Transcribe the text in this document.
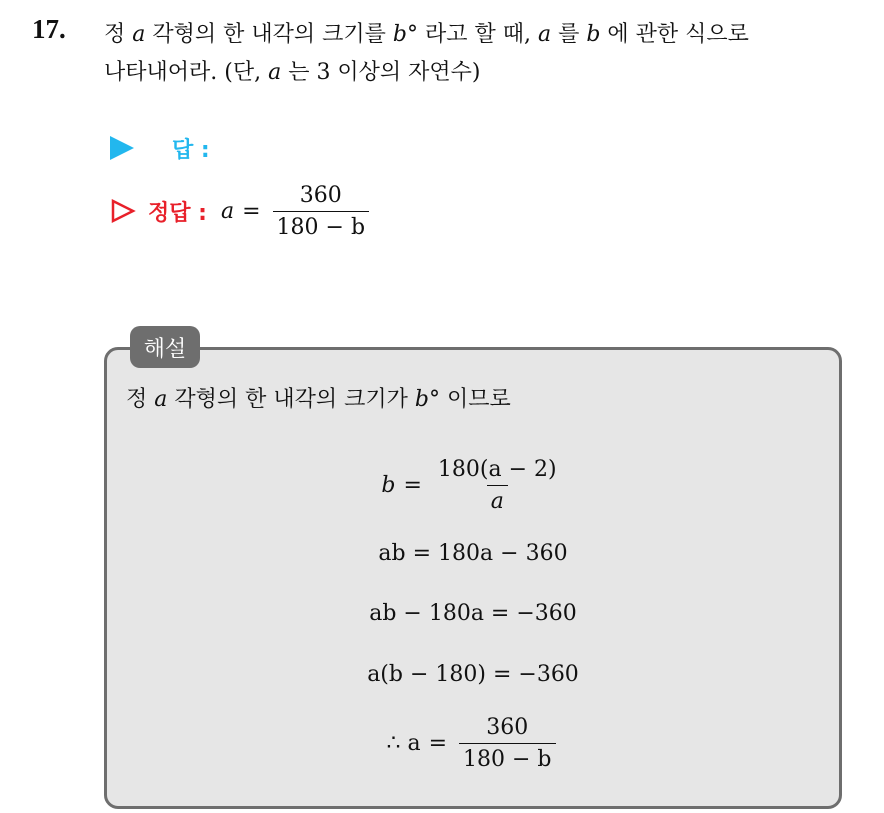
17. 정 a 각형의 한 내각의 크기를 b° 라고 할 때, a 를 b 에 관한 식으로
나타내어라. (단, a 는 3 이상의 자연수)
답 :
정답 : $a = \frac{360}{180 - b}$
해설
정 a 각형의 한 내각의 크기가 b° 이므로
$b = \frac{180(a - 2)}{a}$
ab = 180a − 360
ab − 180a = −360
a(b − 180) = −360
∴ $a = \frac{360}{180 - b}$
